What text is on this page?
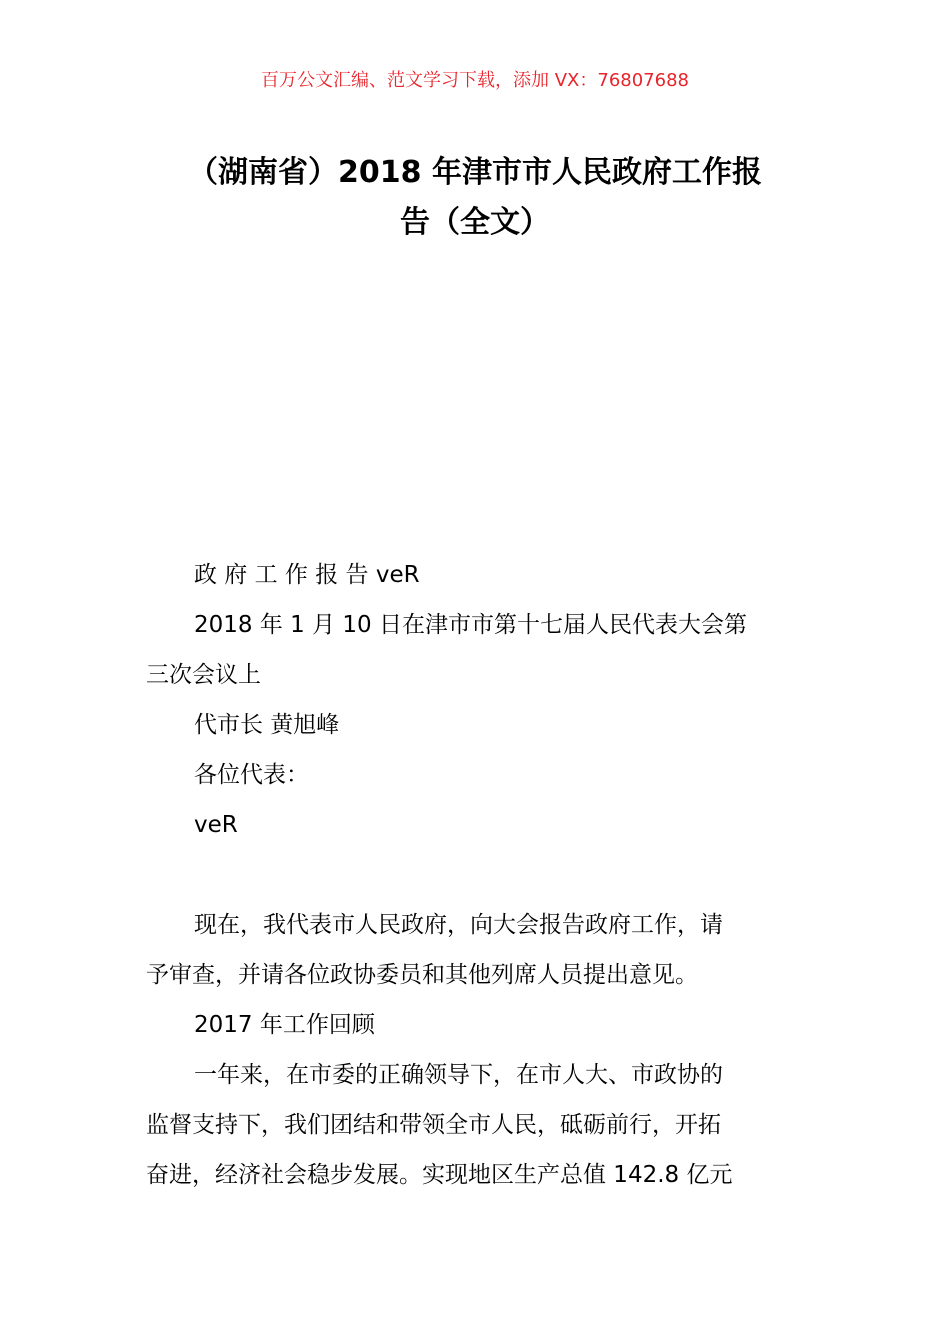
百万公文汇编、范文学习下载，添加 VX：76807688
（湖南省）2018 年津市市人民政府工作报
告（全文）
政 府 工 作 报 告 veR
2018 年 1 月 10 日在津市市第十七届人民代表大会第
三次会议上
代市长 黄旭峰
各位代表：
veR
现在，我代表市人民政府，向大会报告政府工作，请
予审查，并请各位政协委员和其他列席人员提出意见。
2017 年工作回顾
一年来，在市委的正确领导下，在市人大、市政协的
监督支持下，我们团结和带领全市人民，砥砺前行，开拓
奋进，经济社会稳步发展。实现地区生产总值 142.8 亿元
